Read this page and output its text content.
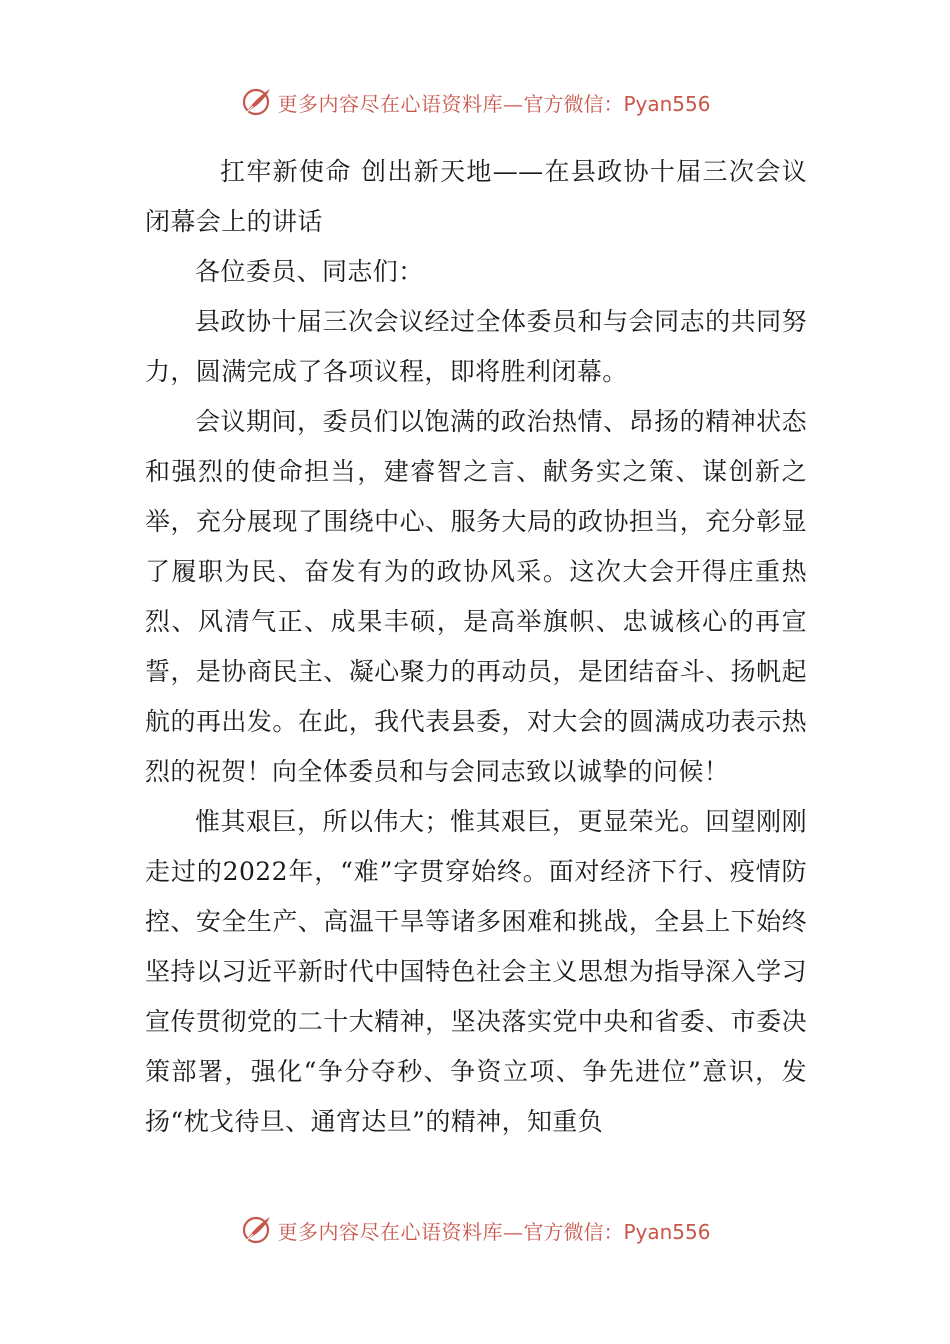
更多内容尽在心语资料库— 官方微信：Pyan556

扛牢新使命 创出新天地——在县政协十届三次会议闭幕会上的讲话

各位委员、同志们：

县政协十届三次会议经过全体委员和与会同志的共同努力，圆满完成了各项议程，即将胜利闭幕。

会议期间，委员们以饱满的政治热情、昂扬的精神状态和强烈的使命担当，建睿智之言、献务实之策、谋创新之举，充分展现了围绕中心、服务大局的政协担当，充分彰显了履职为民、奋发有为的政协风采。这次大会开得庄重热烈、风清气正、成果丰硕，是高举旗帜、忠诚核心的再宣誓，是协商民主、凝心聚力的再动员，是团结奋斗、扬帆起航的再出发。在此，我代表县委，对大会的圆满成功表示热烈的祝贺！向全体委员和与会同志致以诚挚的问候！

惟其艰巨，所以伟大；惟其艰巨，更显荣光。回望刚刚走过的2022年，“难”字贯穿始终。面对经济下行、疫情防控、安全生产、高温干旱等诸多困难和挑战，全县上下始终坚持以习近平新时代中国特色社会主义思想为指导深入学习宣传贯彻党的二十大精神，坚决落实党中央和省委、市委决策部署，强化“争分夺秒、争资立项、争先进位”意识，发扬“枕戈待旦、通宵达旦”的精神，知重负

更多内容尽在心语资料库— 官方微信：Pyan556
